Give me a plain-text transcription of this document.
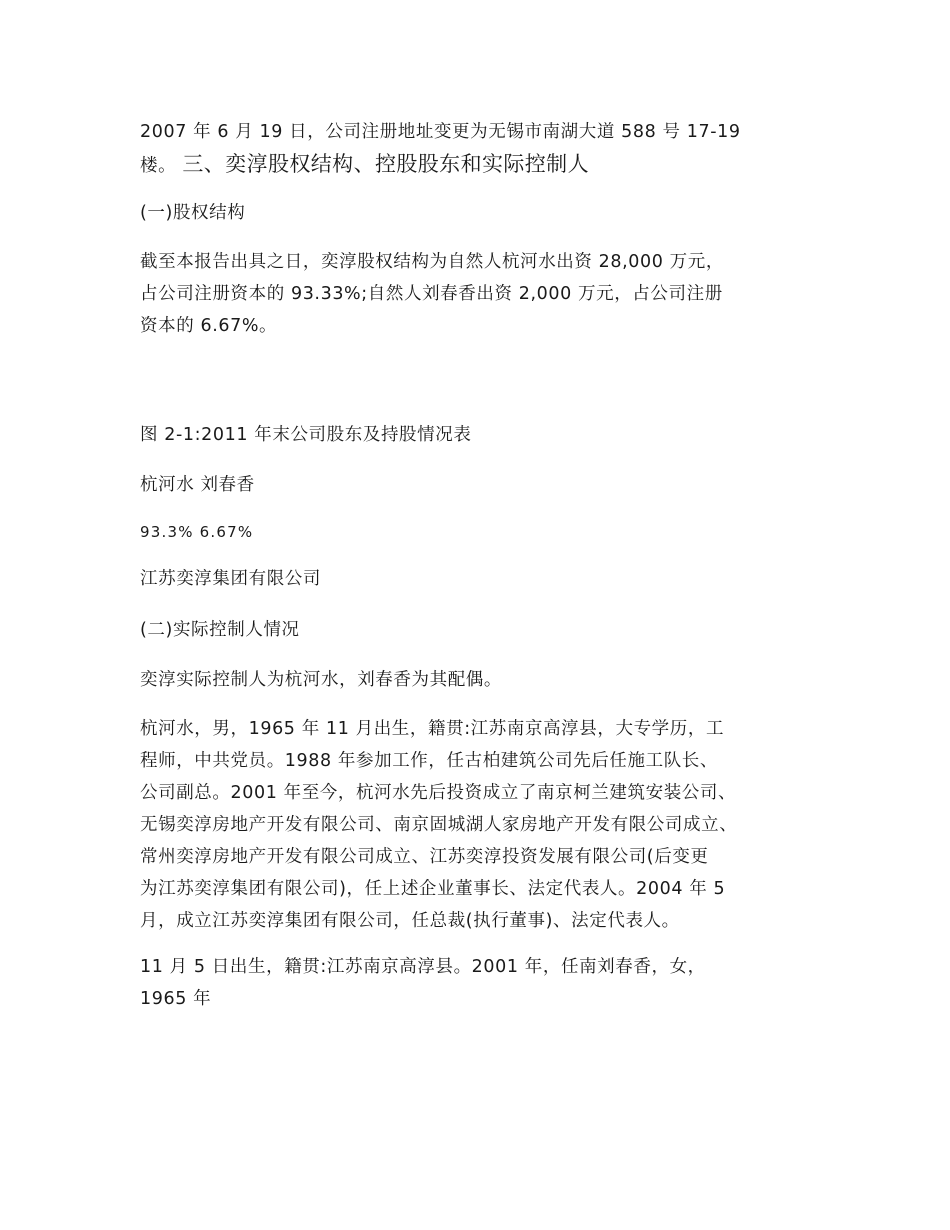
2007 年 6 月 19 日，公司注册地址变更为无锡市南湖大道 588 号 17-19
楼。 三、奕淳股权结构、控股股东和实际控制人

(一)股权结构

截至本报告出具之日，奕淳股权结构为自然人杭河水出资 28,000 万元，
占公司注册资本的 93.33%;自然人刘春香出资 2,000 万元，占公司注册
资本的 6.67%。

图 2-1:2011 年末公司股东及持股情况表

杭河水 刘春香

93.3% 6.67%

江苏奕淳集团有限公司

(二)实际控制人情况

奕淳实际控制人为杭河水，刘春香为其配偶。

杭河水，男，1965 年 11 月出生，籍贯:江苏南京高淳县，大专学历，工
程师，中共党员。1988 年参加工作，任古柏建筑公司先后任施工队长、
公司副总。2001 年至今，杭河水先后投资成立了南京柯兰建筑安装公司、
无锡奕淳房地产开发有限公司、南京固城湖人家房地产开发有限公司成立、
常州奕淳房地产开发有限公司成立、江苏奕淳投资发展有限公司(后变更
为江苏奕淳集团有限公司)，任上述企业董事长、法定代表人。2004 年 5
月，成立江苏奕淳集团有限公司，任总裁(执行董事)、法定代表人。

11 月 5 日出生，籍贯:江苏南京高淳县。2001 年，任南刘春香，女，
1965 年
